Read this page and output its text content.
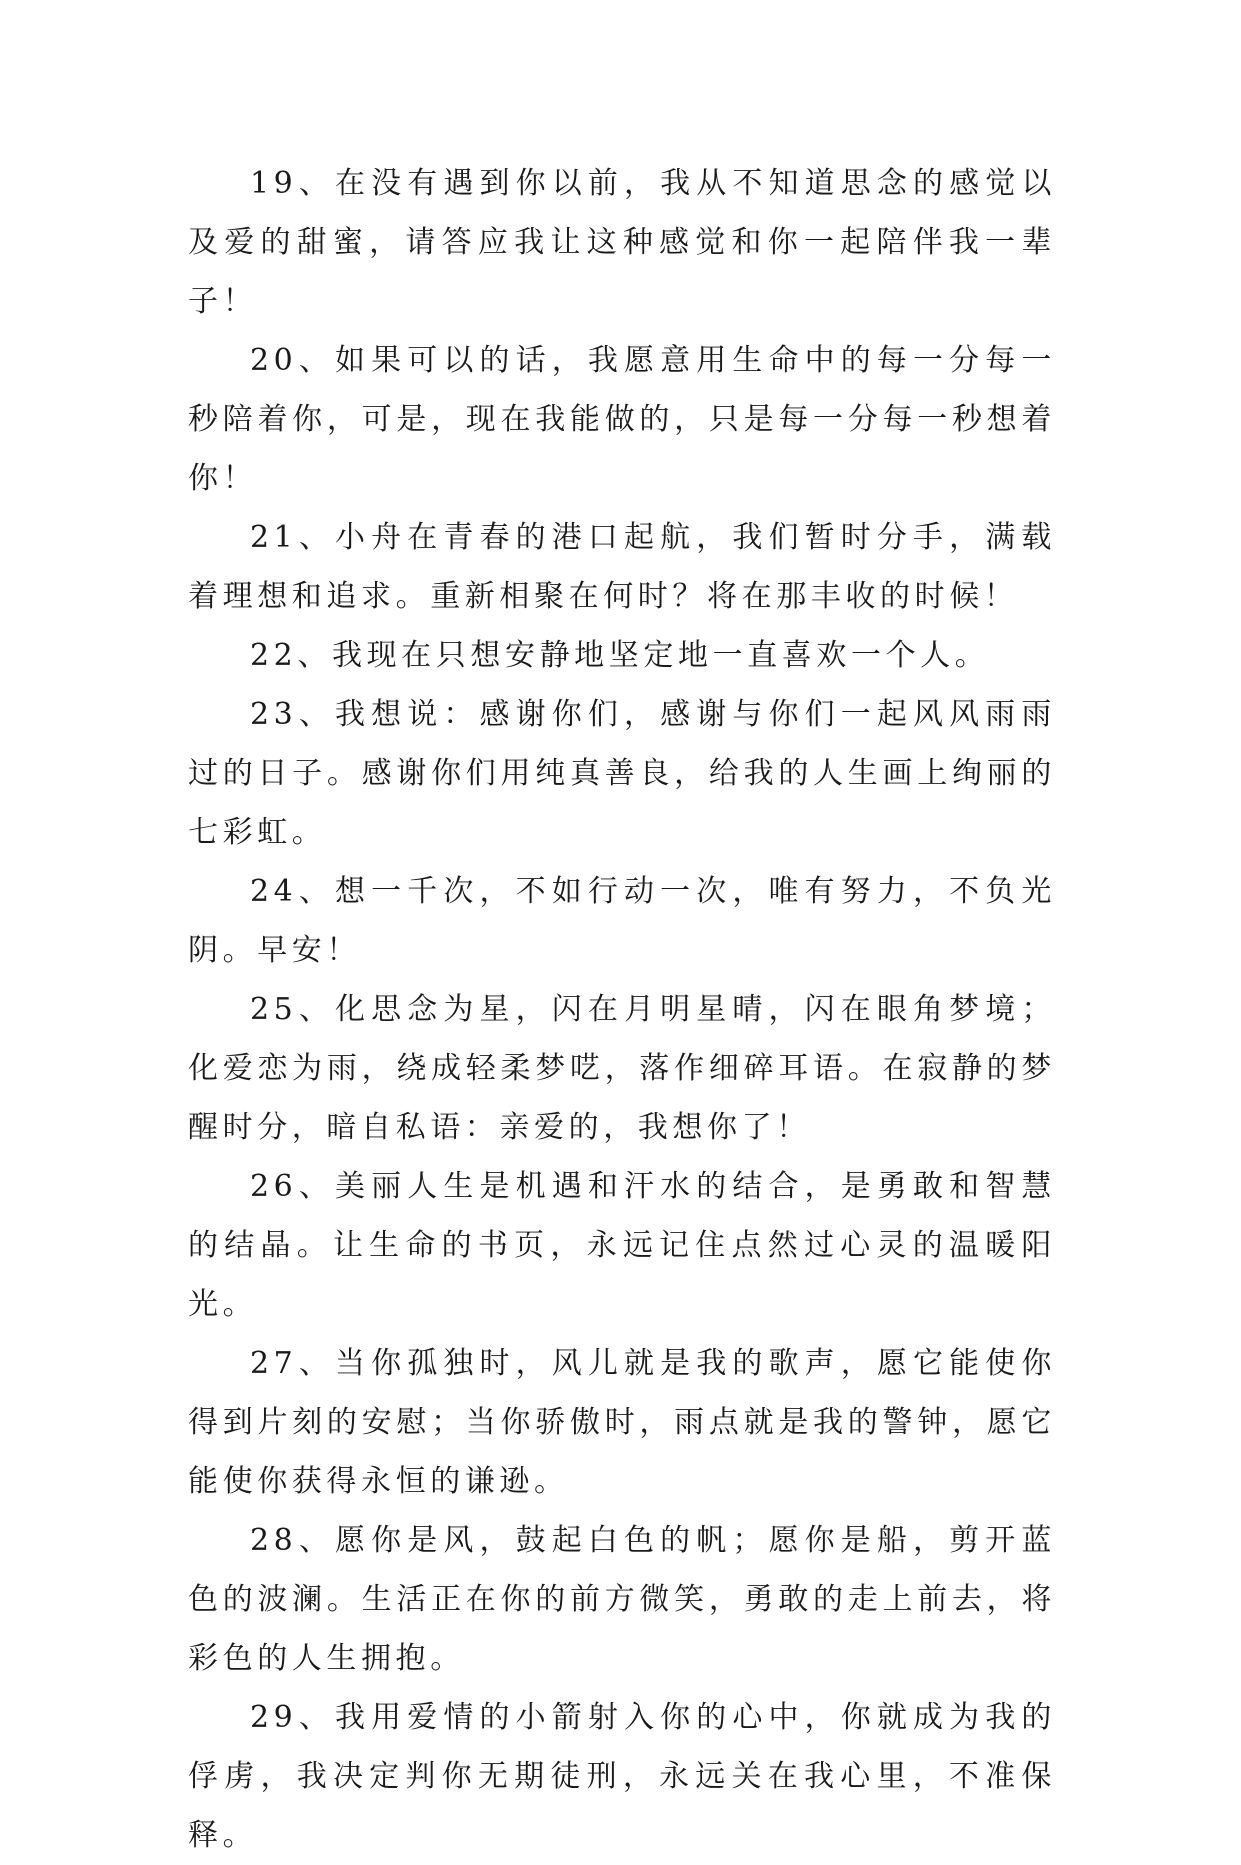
19、在没有遇到你以前，我从不知道思念的感觉以及爱的甜蜜，请答应我让这种感觉和你一起陪伴我一辈子！

20、如果可以的话，我愿意用生命中的每一分每一秒陪着你，可是，现在我能做的，只是每一分每一秒想着你！

21、小舟在青春的港口起航，我们暂时分手，满载着理想和追求。重新相聚在何时？将在那丰收的时候！

22、我现在只想安静地坚定地一直喜欢一个人。

23、我想说：感谢你们，感谢与你们一起风风雨雨过的日子。感谢你们用纯真善良，给我的人生画上绚丽的七彩虹。

24、想一千次，不如行动一次，唯有努力，不负光阴。早安！

25、化思念为星，闪在月明星晴，闪在眼角梦境；化爱恋为雨，绕成轻柔梦呓，落作细碎耳语。在寂静的梦醒时分，暗自私语：亲爱的，我想你了！

26、美丽人生是机遇和汗水的结合，是勇敢和智慧的结晶。让生命的书页，永远记住点然过心灵的温暖阳光。

27、当你孤独时，风儿就是我的歌声，愿它能使你得到片刻的安慰；当你骄傲时，雨点就是我的警钟，愿它能使你获得永恒的谦逊。

28、愿你是风，鼓起白色的帆；愿你是船，剪开蓝色的波澜。生活正在你的前方微笑，勇敢的走上前去，将彩色的人生拥抱。

29、我用爱情的小箭射入你的心中，你就成为我的俘虏，我决定判你无期徒刑，永远关在我心里，不准保释。
